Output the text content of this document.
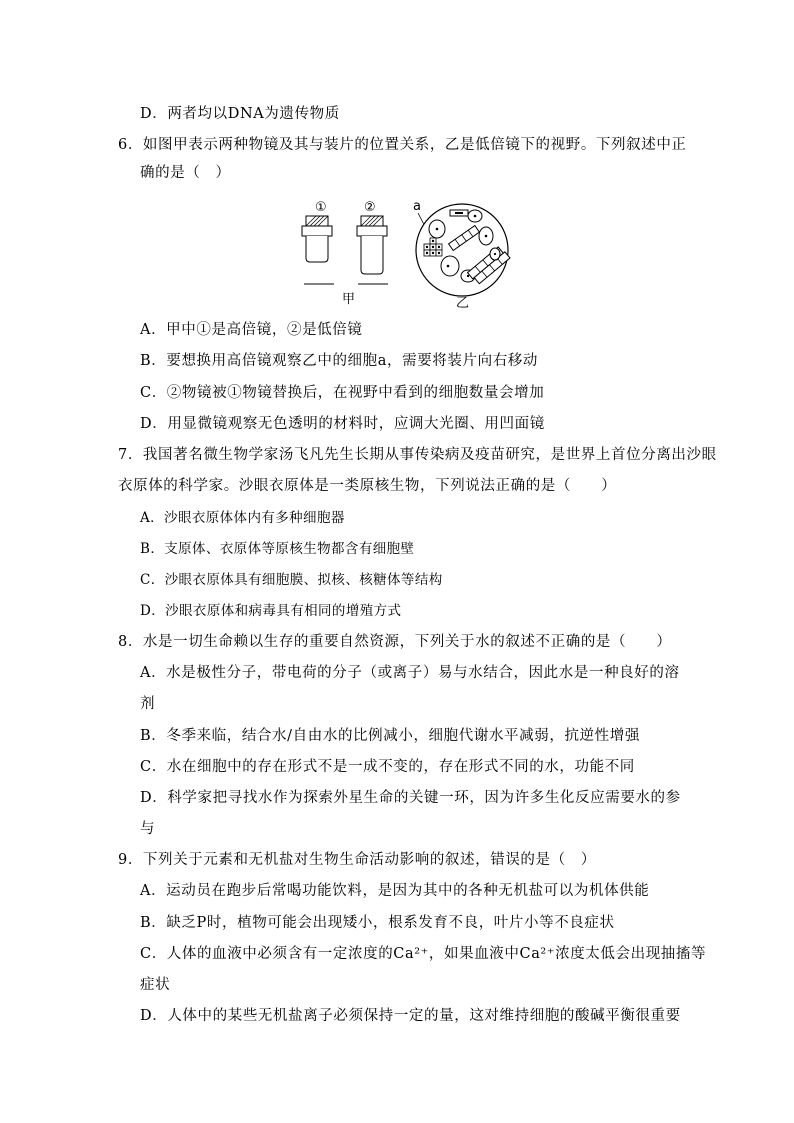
D．两者均以DNA为遗传物质
6．如图甲表示两种物镜及其与装片的位置关系，乙是低倍镜下的视野。下列叙述中正
确的是（　）
①	②
甲
a
乙
A．甲中①是高倍镜，②是低倍镜
B．要想换用高倍镜观察乙中的细胞a，需要将装片向右移动
C．②物镜被①物镜替换后，在视野中看到的细胞数量会增加
D．用显微镜观察无色透明的材料时，应调大光圈、用凹面镜
7．我国著名微生物学家汤飞凡先生长期从事传染病及疫苗研究，是世界上首位分离出沙眼
衣原体的科学家。沙眼衣原体是一类原核生物，下列说法正确的是（　　）
A．沙眼衣原体体内有多种细胞器
B．支原体、衣原体等原核生物都含有细胞壁
C．沙眼衣原体具有细胞膜、拟核、核糖体等结构
D．沙眼衣原体和病毒具有相同的增殖方式
8．水是一切生命赖以生存的重要自然资源，下列关于水的叙述不正确的是（　　）
A．水是极性分子，带电荷的分子（或离子）易与水结合，因此水是一种良好的溶
剂
B．冬季来临，结合水/自由水的比例减小，细胞代谢水平减弱，抗逆性增强
C．水在细胞中的存在形式不是一成不变的，存在形式不同的水，功能不同
D．科学家把寻找水作为探索外星生命的关键一环，因为许多生化反应需要水的参
与
9．下列关于元素和无机盐对生物生命活动影响的叙述，错误的是（　）
A．运动员在跑步后常喝功能饮料，是因为其中的各种无机盐可以为机体供能
B．缺乏P时，植物可能会出现矮小，根系发育不良，叶片小等不良症状
C．人体的血液中必须含有一定浓度的Ca²⁺，如果血液中Ca²⁺浓度太低会出现抽搐等
症状
D．人体中的某些无机盐离子必须保持一定的量，这对维持细胞的酸碱平衡很重要
